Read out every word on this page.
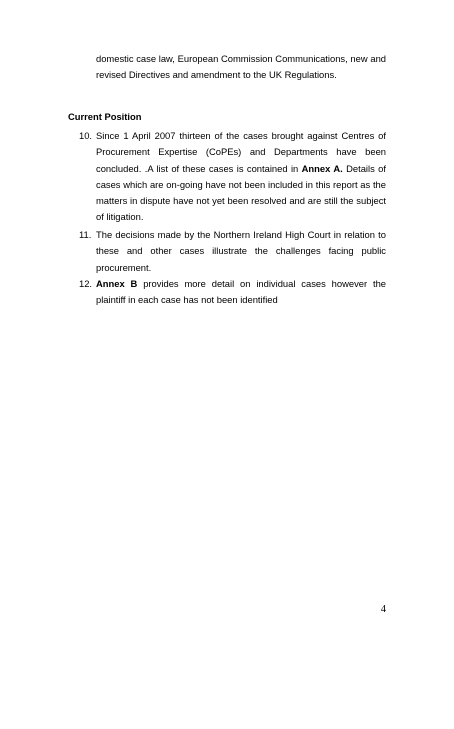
domestic case law, European Commission Communications, new and revised Directives and amendment to the UK Regulations.
Current Position
10. Since 1 April 2007 thirteen of the cases brought against Centres of Procurement Expertise (CoPEs) and Departments have been concluded. .A list of these cases is contained in Annex A. Details of cases which are on-going have not been included in this report as the matters in dispute have not yet been resolved and are still the subject of litigation.
11. The decisions made by the Northern Ireland High Court in relation to these and other cases illustrate the challenges facing public procurement.
12. Annex B provides more detail on individual cases however the plaintiff in each case has not been identified
4
